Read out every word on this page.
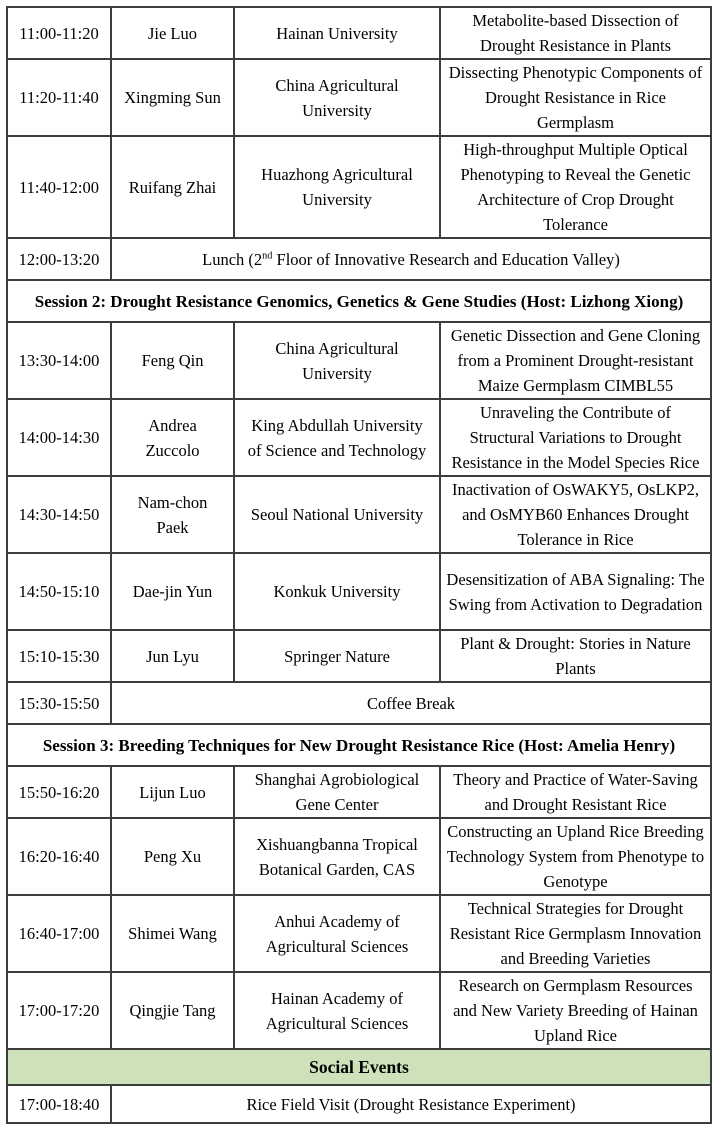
11:00-11:20	Jie Luo	Hainan University	Metabolite-based Dissection of Drought Resistance in Plants
11:20-11:40	Xingming Sun	China Agricultural University	Dissecting Phenotypic Components of Drought Resistance in Rice Germplasm
11:40-12:00	Ruifang Zhai	Huazhong Agricultural University	High-throughput Multiple Optical Phenotyping to Reveal the Genetic Architecture of Crop Drought Tolerance
12:00-13:20	Lunch (2nd Floor of Innovative Research and Education Valley)		
Session 2: Drought Resistance Genomics, Genetics & Gene Studies (Host: Lizhong Xiong)			
13:30-14:00	Feng Qin	China Agricultural University	Genetic Dissection and Gene Cloning from a Prominent Drought-resistant Maize Germplasm CIMBL55
14:00-14:30	Andrea Zuccolo	King Abdullah University of Science and Technology	Unraveling the Contribute of Structural Variations to Drought Resistance in the Model Species Rice
14:30-14:50	Nam-chon Paek	Seoul National University	Inactivation of OsWAKY5, OsLKP2, and OsMYB60 Enhances Drought Tolerance in Rice
14:50-15:10	Dae-jin Yun	Konkuk University	Desensitization of ABA Signaling: The Swing from Activation to Degradation
15:10-15:30	Jun Lyu	Springer Nature	Plant & Drought: Stories in Nature Plants
15:30-15:50	Coffee Break		
Session 3: Breeding Techniques for New Drought Resistance Rice (Host: Amelia Henry)			
15:50-16:20	Lijun Luo	Shanghai Agrobiological Gene Center	Theory and Practice of Water-Saving and Drought Resistant Rice
16:20-16:40	Peng Xu	Xishuangbanna Tropical Botanical Garden, CAS	Constructing an Upland Rice Breeding Technology System from Phenotype to Genotype
16:40-17:00	Shimei Wang	Anhui Academy of Agricultural Sciences	Technical Strategies for Drought Resistant Rice Germplasm Innovation and Breeding Varieties
17:00-17:20	Qingjie Tang	Hainan Academy of Agricultural Sciences	Research on Germplasm Resources and New Variety Breeding of Hainan Upland Rice
Social Events			
17:00-18:40	Rice Field Visit (Drought Resistance Experiment)		
